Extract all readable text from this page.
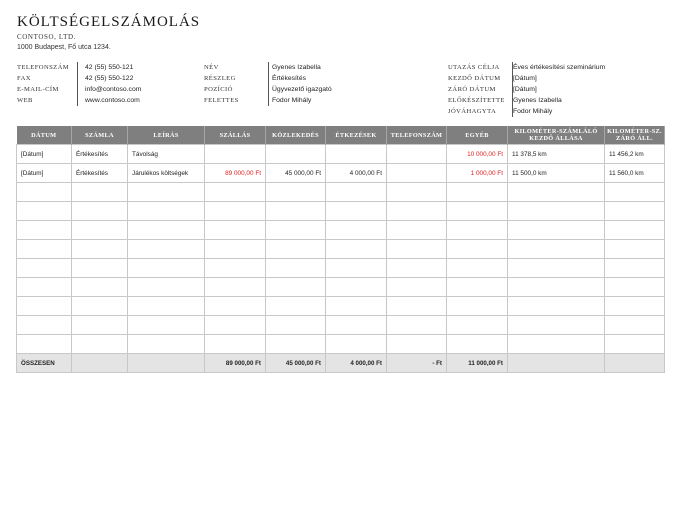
KÖLTSÉGELSZÁMOLÁS
CONTOSO, LTD.
1000 Budapest, Fő utca 1234.
TELEFONSZÁM	42 (55) 550-121
FAX	42 (55) 550-122
E-MAIL-CÍM	info@contoso.com
WEB	www.contoso.com
NÉV	Gyenes Izabella
RÉSZLEG	Értékesítés
POZÍCIÓ	Ügyvezető igazgató
FELETTES	Fodor Mihály
UTAZÁS CÉLJA	Éves értékesítési szeminárium
KEZDŐ DÁTUM	[Dátum]
ZÁRÓ DÁTUM	[Dátum]
ELŐKÉSZÍTETTE	Gyenes Izabella
JÓVÁHAGYTA	Fodor Mihály
DÁTUM	SZÁMLA	LEÍRÁS	SZÁLLÁS	KÖZLEKEDÉS	ÉTKEZÉSEK	TELEFONSZÁM	EGYÉB	KILOMÉTER-SZÁMLÁLÓ KEZDŐ ÁLLÁSA	KILOMÉTER-SZ. ZÁRÓ ÁLL.
[Dátum]	Értékesítés	Távolság					10 000,00 Ft	11 378,5 km	11 456,2 km
[Dátum]	Értékesítés	Járulékos költségek	89 000,00 Ft	45 000,00 Ft	4 000,00 Ft		1 000,00 Ft	11 500,0 km	11 560,0 km

ÖSSZESEN			89 000,00 Ft	45 000,00 Ft	4 000,00 Ft	- Ft	11 000,00 Ft		
